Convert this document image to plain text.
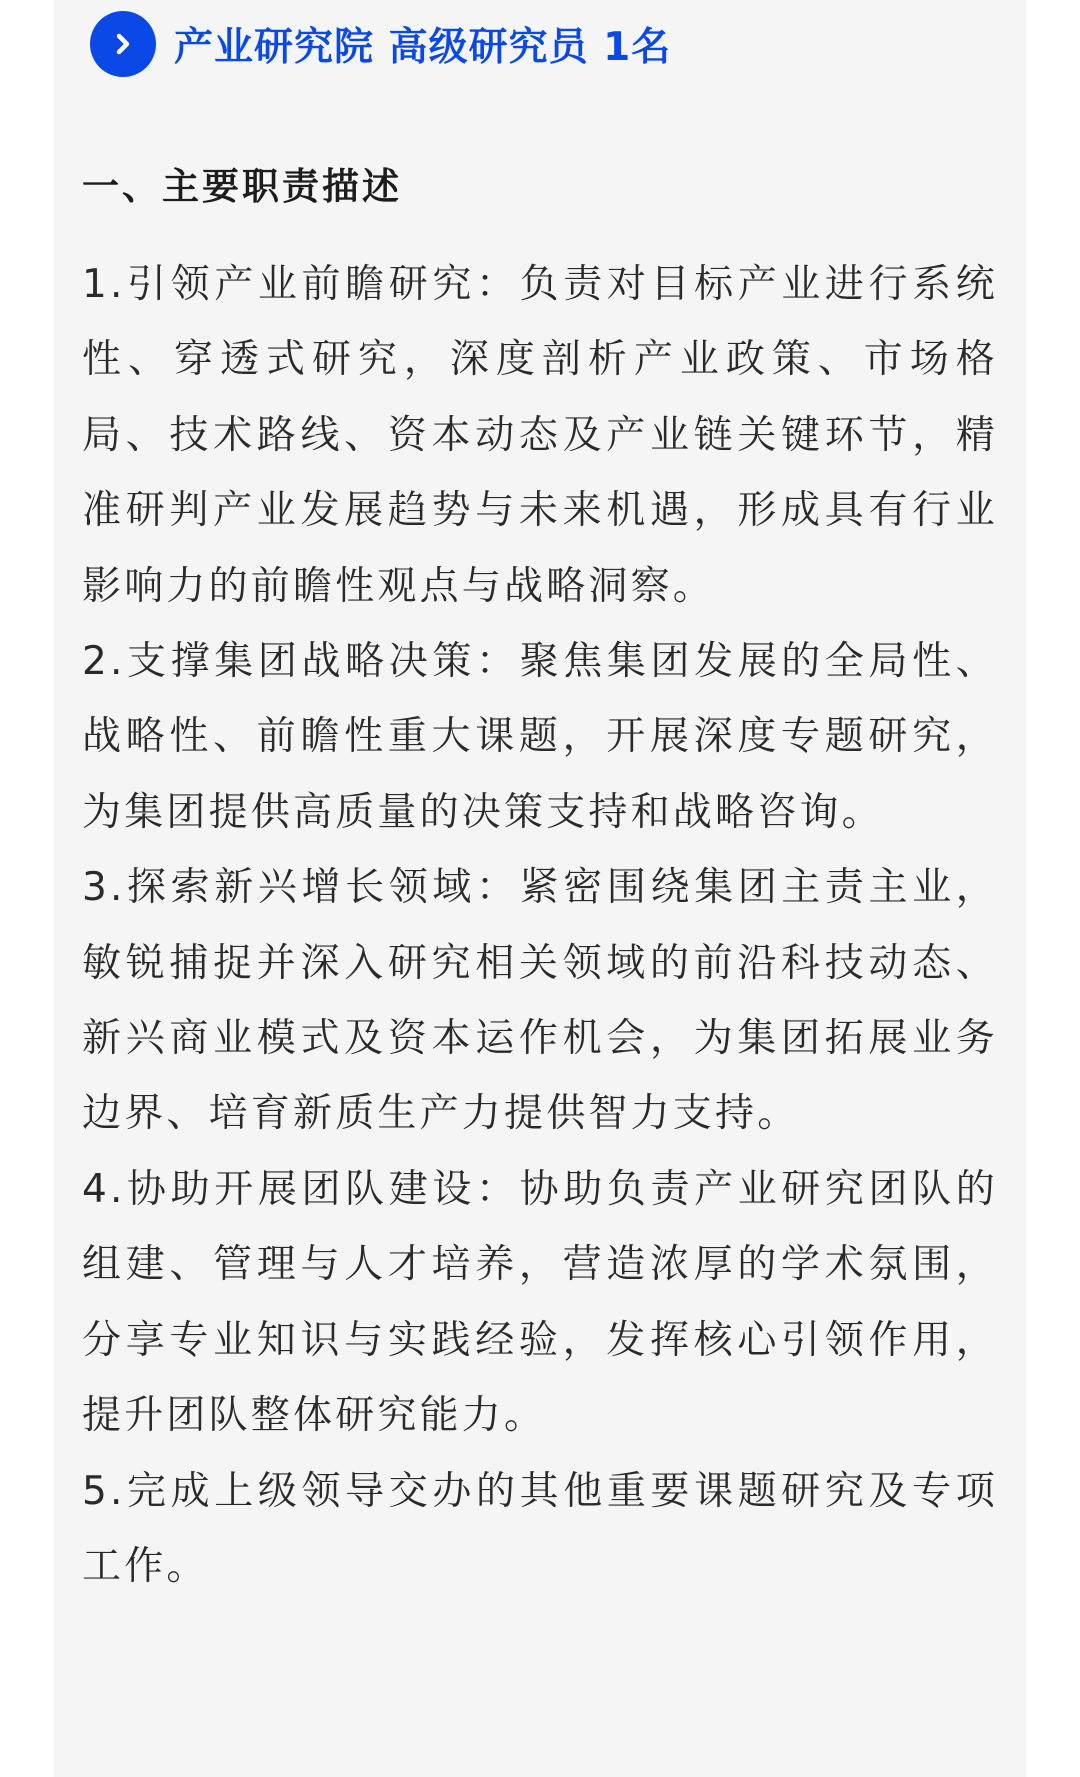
产业研究院 高级研究员 1名
一、主要职责描述

1.引领产业前瞻研究：负责对目标产业进行系统性、穿透式研究，深度剖析产业政策、市场格局、技术路线、资本动态及产业链关键环节，精准研判产业发展趋势与未来机遇，形成具有行业影响力的前瞻性观点与战略洞察。

2.支撑集团战略决策：聚焦集团发展的全局性、战略性、前瞻性重大课题，开展深度专题研究，为集团提供高质量的决策支持和战略咨询。

3.探索新兴增长领域：紧密围绕集团主责主业，敏锐捕捉并深入研究相关领域的前沿科技动态、新兴商业模式及资本运作机会，为集团拓展业务边界、培育新质生产力提供智力支持。

4.协助开展团队建设：协助负责产业研究团队的组建、管理与人才培养，营造浓厚的学术氛围，分享专业知识与实践经验，发挥核心引领作用，提升团队整体研究能力。

5.完成上级领导交办的其他重要课题研究及专项工作。
